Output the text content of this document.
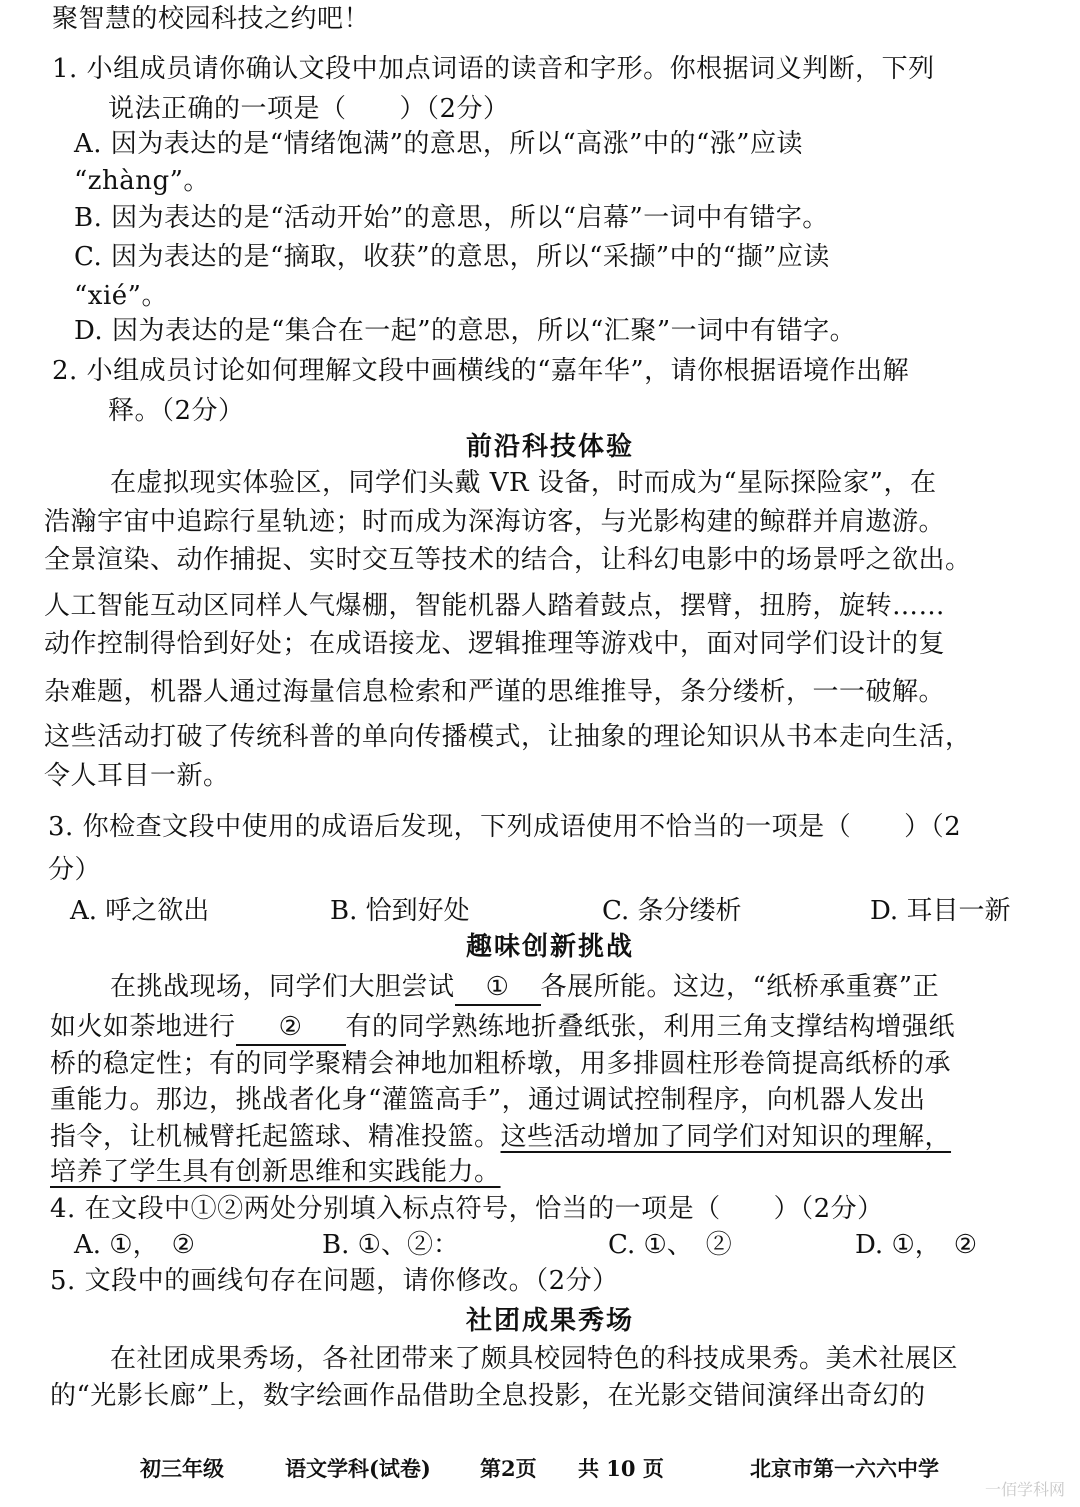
聚智慧的校园科技之约吧！
1. 小组成员请你确认文段中加点词语的读音和字形。你根据词义判断，下列
说法正确的一项是（　　）（2分）
A. 因为表达的是“情绪饱满”的意思，所以“高涨”中的“涨”应读
“zhàng”。
B. 因为表达的是“活动开始”的意思，所以“启幕”一词中有错字。
C. 因为表达的是“摘取，收获”的意思，所以“采撷”中的“撷”应读
“xié”。
D. 因为表达的是“集合在一起”的意思，所以“汇聚”一词中有错字。
2. 小组成员讨论如何理解文段中画横线的“嘉年华”，请你根据语境作出解
释。（2分）
前沿科技体验
在虚拟现实体验区，同学们头戴 VR 设备，时而成为“星际探险家”，在
浩瀚宇宙中追踪行星轨迹；时而成为深海访客，与光影构建的鲸群并肩遨游。
全景渲染、动作捕捉、实时交互等技术的结合，让科幻电影中的场景呼之欲出。
人工智能互动区同样人气爆棚，智能机器人踏着鼓点，摆臂，扭胯，旋转……
动作控制得恰到好处；在成语接龙、逻辑推理等游戏中，面对同学们设计的复
杂难题，机器人通过海量信息检索和严谨的思维推导，条分缕析，一一破解。
这些活动打破了传统科普的单向传播模式，让抽象的理论知识从书本走向生活，
令人耳目一新。
3. 你检查文段中使用的成语后发现，下列成语使用不恰当的一项是（　　）（2
分）
A. 呼之欲出	B. 恰到好处	C. 条分缕析	D. 耳目一新
趣味创新挑战
在挑战现场，同学们大胆尝试 ① 各展所能。这边，“纸桥承重赛”正
如火如荼地进行 ② 有的同学熟练地折叠纸张，利用三角支撑结构增强纸
桥的稳定性；有的同学聚精会神地加粗桥墩，用多排圆柱形卷筒提高纸桥的承
重能力。那边，挑战者化身“灌篮高手”，通过调试控制程序，向机器人发出
指令，让机械臂托起篮球、精准投篮。这些活动增加了同学们对知识的理解，
培养了学生具有创新思维和实践能力。
4. 在文段中①②两处分别填入标点符号，恰当的一项是（　　）（2分）
A. ①，　②	B. ①、②：	C. ①、　②	D. ①，　②
5. 文段中的画线句存在问题，请你修改。（2分）
社团成果秀场
在社团成果秀场，各社团带来了颇具校园特色的科技成果秀。美术社展区
的“光影长廊”上，数字绘画作品借助全息投影，在光影交错间演绎出奇幻的
初三年级	语文学科(试卷) 第2页 共 10 页	北京市第一六六中学
一佰学科网
